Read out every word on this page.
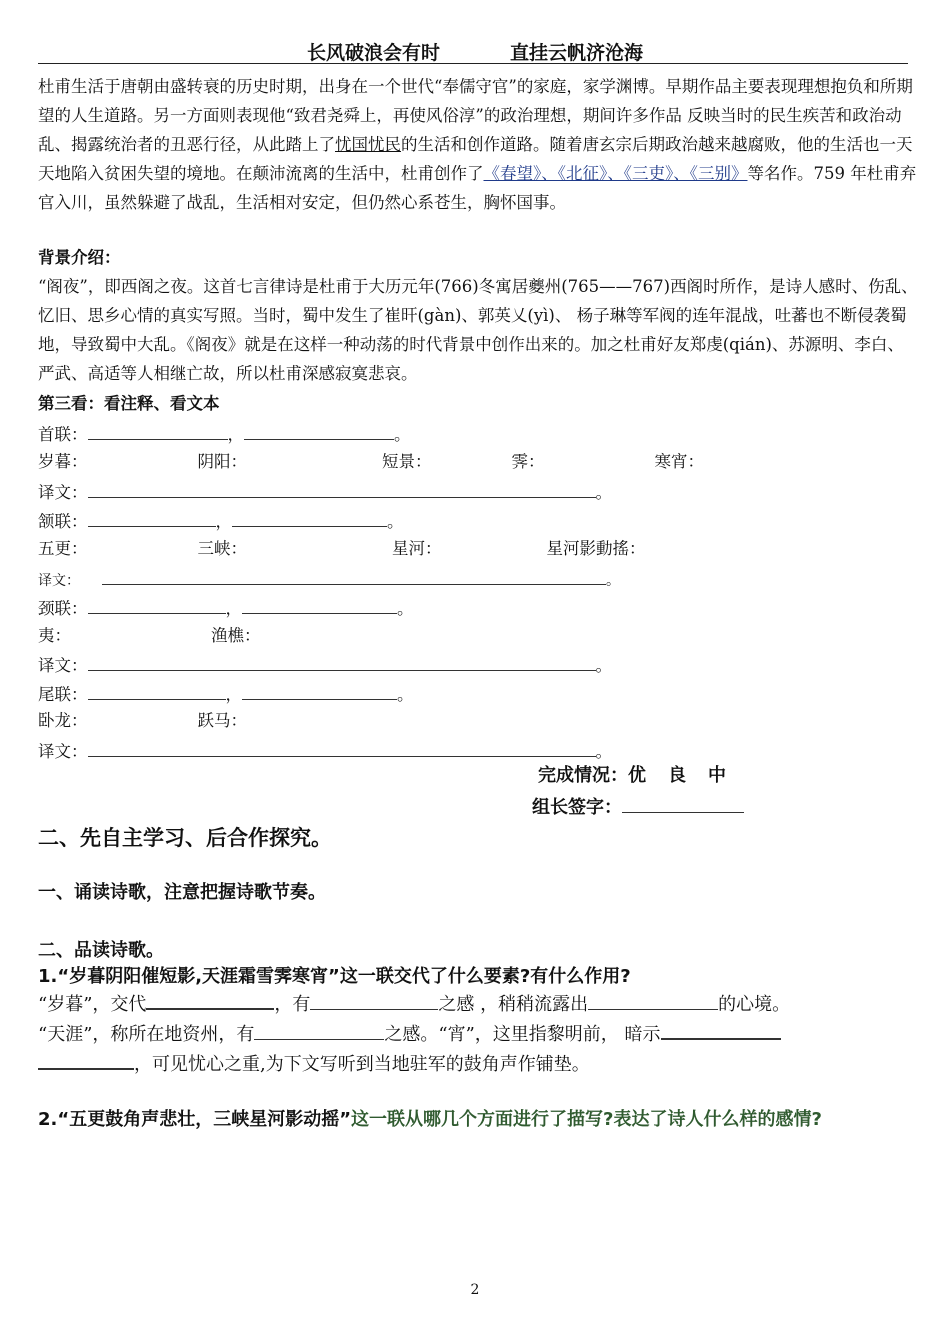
长风破浪会有时	直挂云帆济沧海
杜甫生活于唐朝由盛转衰的历史时期，出身在一个世代“奉儒守官”的家庭，家学渊博。早期作品主要表现理想抱负和所期望的人生道路。另一方面则表现他“致君尧舜上，再使风俗淳”的政治理想，期间许多作品 反映当时的民生疾苦和政治动乱、揭露统治者的丑恶行径，从此踏上了忧国忧民的生活和创作道路。随着唐玄宗后期政治越来越腐败，他的生活也一天天地陷入贫困失望的境地。在颠沛流离的生活中，杜甫创作了《春望》、《北征》、《三吏》、《三别》等名作。759 年杜甫弃官入川，虽然躲避了战乱，生活相对安定，但仍然心系苍生，胸怀国事。
背景介绍：
“阁夜”，即西阁之夜。这首七言律诗是杜甫于大历元年(766)冬寓居夔州(765——767)西阁时所作，是诗人感时、伤乱、忆旧、思乡心情的真实写照。当时，蜀中发生了崔旰(gàn)、郭英乂(yì)、 杨子琳等军阀的连年混战，吐蕃也不断侵袭蜀地，导致蜀中大乱。《阁夜》就是在这样一种动荡的时代背景中创作出来的。加之杜甫好友郑虔(qián)、苏源明、李白、严武、高适等人相继亡故，所以杜甫深感寂寞悲哀。
第三看：看注释、看文本
首联：	，	。
岁暮：	阴阳：	短景：	霁：	寒宵：
译文：	。
颔联：	，	。
五更：	三峡：	星河：	星河影動搖：
译文：	。
颈联：	，	。
夷：	渔樵：
译文：	。
尾联：	，	。
卧龙：	跃马：
译文：	。
完成情况：优 良 中
组长签字：
二、先自主学习、后合作探究。
一、诵读诗歌，注意把握诗歌节奏。
二、品读诗歌。
1.“岁暮阴阳催短影,天涯霜雪霁寒宵”这一联交代了什么要素?有什么作用?
“岁暮”，交代	，有	之感 ，稍稍流露出	的心境。
“天涯”，称所在地资州，有	之感。“宵”，这里指黎明前， 暗示
，可见忧心之重,为下文写听到当地驻军的鼓角声作铺垫。
2.“五更鼓角声悲壮，三峡星河影动摇”这一联从哪几个方面进行了描写?表达了诗人什么样的感情?
2
